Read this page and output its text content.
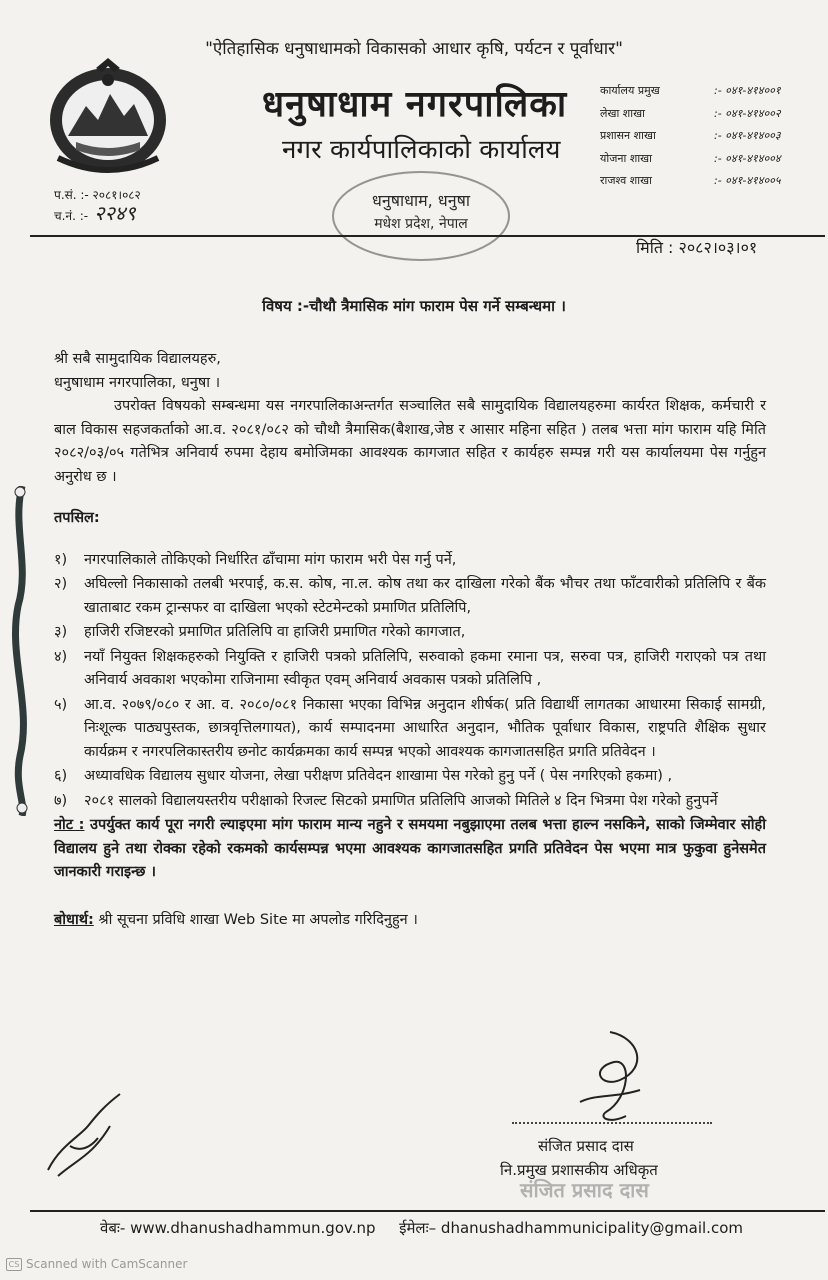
"ऐतिहासिक धनुषाधामको विकासको आधार कृषि, पर्यटन र पूर्वाधार"
धनुषाधाम नगरपालिका
नगर कार्यपालिकाको कार्यालय
कार्यालय प्रमुख	:- ०४१-४१४००१
लेखा शाखा	:- ०४१-४१४००२
प्रशासन शाखा	:- ०४१-४१४००३
योजना शाखा	:- ०४१-४१४००४
राजश्व शाखा	:- ०४१-४१४००५
प.सं. :- २०८१।०८२
च.नं. :- २२४९
धनुषाधाम, धनुषा
मधेश प्रदेश, नेपाल
मिति : २०८२।०३।०१
विषय :-चौथौ त्रैमासिक मांग फाराम पेस गर्ने सम्बन्धमा ।
श्री सबै सामुदायिक विद्यालयहरु,
धनुषाधाम नगरपालिका, धनुषा ।

उपरोक्त विषयको सम्बन्धमा यस नगरपालिकाअन्तर्गत सञ्चालित सबै सामुदायिक विद्यालयहरुमा कार्यरत शिक्षक, कर्मचारी र बाल विकास सहजकर्ताको आ.व. २०८१/०८२ को चौथौ त्रैमासिक(बैशाख,जेष्ठ र आसार महिना सहित ) तलब भत्ता मांग फाराम यहि मिति २०८२/०३/०५ गतेभित्र अनिवार्य रुपमा देहाय बमोजिमका आवश्यक कागजात सहित र कार्यहरु सम्पन्न गरी यस कार्यालयमा पेस गर्नुहुन अनुरोध छ ।

तपसिल:
१)	नगरपालिकाले तोकिएको निर्धारित ढाँचामा मांग फाराम भरी पेस गर्नु पर्ने,
२)	अघिल्लो निकासाको तलबी भरपाई, क.स. कोष, ना.ल. कोष तथा कर दाखिला गरेको बैंक भौचर तथा फाँटवारीको प्रतिलिपि र बैंक खाताबाट रकम ट्रान्सफर वा दाखिला भएको स्टेटमेन्टको प्रमाणित प्रतिलिपि,
३)	हाजिरी रजिष्टरको प्रमाणित प्रतिलिपि वा हाजिरी प्रमाणित गरेको कागजात,
४)	नयाँ नियुक्त शिक्षकहरुको नियुक्ति र हाजिरी पत्रको प्रतिलिपि, सरुवाको हकमा रमाना पत्र, सरुवा पत्र, हाजिरी गराएको पत्र तथा अनिवार्य अवकाश भएकोमा राजिनामा स्वीकृत एवम् अनिवार्य अवकास पत्रको प्रतिलिपि ,
५)	आ.व. २०७९/०८० र आ. व. २०८०/०८१ निकासा भएका विभिन्न अनुदान शीर्षक( प्रति विद्यार्थी लागतका आधारमा सिकाई सामग्री, निःशूल्क पाठ्यपुस्तक, छात्रवृत्तिलगायत), कार्य सम्पादनमा आधारित अनुदान, भौतिक पूर्वाधार विकास, राष्ट्रपति शैक्षिक सुधार कार्यक्रम र नगरपलिकास्तरीय छनोट कार्यक्रमका कार्य सम्पन्न भएको आवश्यक कागजातसहित प्रगति प्रतिवेदन ।
६)	अध्यावधिक विद्यालय सुधार योजना, लेखा परीक्षण प्रतिवेदन शाखामा पेस गरेको हुनु पर्ने ( पेस नगरिएको हकमा) ,
७)	२०८१ सालको विद्यालयस्तरीय परीक्षाको रिजल्ट सिटको प्रमाणित प्रतिलिपि आजको मितिले ४ दिन भित्रमा पेश गरेको हुनुपर्ने

नोट : उपर्युक्त कार्य पूरा नगरी ल्याइएमा मांग फाराम मान्य नहुने र समयमा नबुझाएमा तलब भत्ता हाल्न नसकिने, साको जिम्मेवार सोही विद्यालय हुने तथा रोक्का रहेको रकमको कार्यसम्पन्न भएमा आवश्यक कागजातसहित प्रगति प्रतिवेदन पेस भएमा मात्र फुकुवा हुनेसमेत जानकारी गराइन्छ ।

बोधार्थ: श्री सूचना प्रविधि शाखा Web Site मा अपलोड गरिदिनुहुन ।

संजित प्रसाद दास
नि.प्रमुख प्रशासकीय अधिकृत
संजित प्रसाद दास
वेबः- www.dhanushadhammun.gov.np ईमेलः– dhanushadhammunicipality@gmail.com
CS Scanned with CamScanner
